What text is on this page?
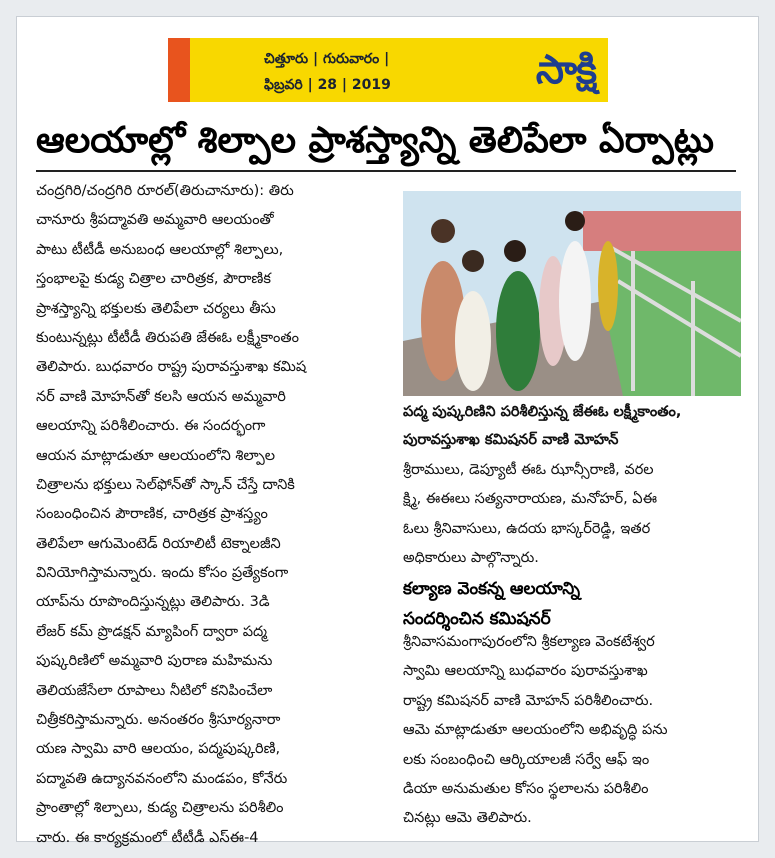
చిత్తూరు | గురువారం |
ఫిబ్రవరి | 28 | 2019	సాక్షి
ఆలయాల్లో శిల్పాల ప్రాశస్త్యాన్ని తెలిపేలా ఏర్పాట్లు
చంద్రగిరి/చంద్రగిరి రూరల్(తిరుచానూరు): తిరు
చానూరు శ్రీపద్మావతి అమ్మవారి ఆలయంతో
పాటు టీటీడీ అనుబంధ ఆలయాల్లో శిల్పాలు,
స్తంభాలపై కుడ్య చిత్రాల చారిత్రక, పౌరాణిక
ప్రాశస్త్యాన్ని భక్తులకు తెలిపేలా చర్యలు తీసు
కుంటున్నట్లు టీటీడీ తిరుపతి జేఈఓ లక్ష్మీకాంతం
తెలిపారు. బుధవారం రాష్ట్ర పురావస్తుశాఖ కమిష
నర్ వాణి మోహన్‌తో కలసి ఆయన అమ్మవారి
ఆలయాన్ని పరిశీలించారు. ఈ సందర్భంగా
ఆయన మాట్లాడుతూ ఆలయంలోని శిల్పాల
చిత్రాలను భక్తులు సెల్‌ఫోన్‌తో స్కాన్ చేస్తే దానికి
సంబంధించిన పౌరాణిక, చారిత్రక ప్రాశస్త్యం
తెలిపేలా ఆగుమెంటెడ్ రియాలిటీ టెక్నాలజీని
వినియోగిస్తామన్నారు. ఇందు కోసం ప్రత్యేకంగా
యాప్‌ను రూపొందిస్తున్నట్లు తెలిపారు. 3డి
లేజర్ కమ్ ప్రొడక్షన్ మ్యాపింగ్ ద్వారా పద్మ
పుష్కరిణిలో అమ్మవారి పురాణ మహిమను
తెలియజేసేలా రూపాలు నీటిలో కనిపించేలా
చిత్రీకరిస్తామన్నారు. అనంతరం శ్రీసూర్యనారా
యణ స్వామి వారి ఆలయం, పద్మపుష్కరిణి,
పద్మావతి ఉద్యానవనంలోని మండపం, కోనేరు
ప్రాంతాల్లో శిల్పాలు, కుడ్య చిత్రాలను పరిశీలిం
చారు. ఈ కార్యక్రమంలో టీటీడీ ఎస్‌ఈ-4
పద్మ పుష్కరిణిని పరిశీలిస్తున్న జేఈఓ లక్ష్మీకాంతం,
పురావస్తుశాఖ కమిషనర్ వాణి మోహన్
శ్రీరాములు, డెప్యూటీ ఈఓ ఝాన్సీరాణి, వరల
క్ష్మి, ఈఈలు సత్యనారాయణ, మనోహర్, ఏఈ
ఓలు శ్రీనివాసులు, ఉదయ భాస్కర్‌రెడ్డి, ఇతర
అధికారులు పాల్గొన్నారు.
కల్యాణ వెంకన్న ఆలయాన్ని
సందర్శించిన కమిషనర్
శ్రీనివాసమంగాపురంలోని శ్రీకల్యాణ వెంకటేశ్వర
స్వామి ఆలయాన్ని బుధవారం పురావస్తుశాఖ
రాష్ట్ర కమిషనర్ వాణి మోహన్ పరిశీలించారు.
ఆమె మాట్లాడుతూ ఆలయంలోని అభివృద్ధి పను
లకు సంబంధించి ఆర్కియాలజీ సర్వే ఆఫ్ ఇం
డియా అనుమతుల కోసం స్థలాలను పరిశీలిం
చినట్లు ఆమె తెలిపారు.
